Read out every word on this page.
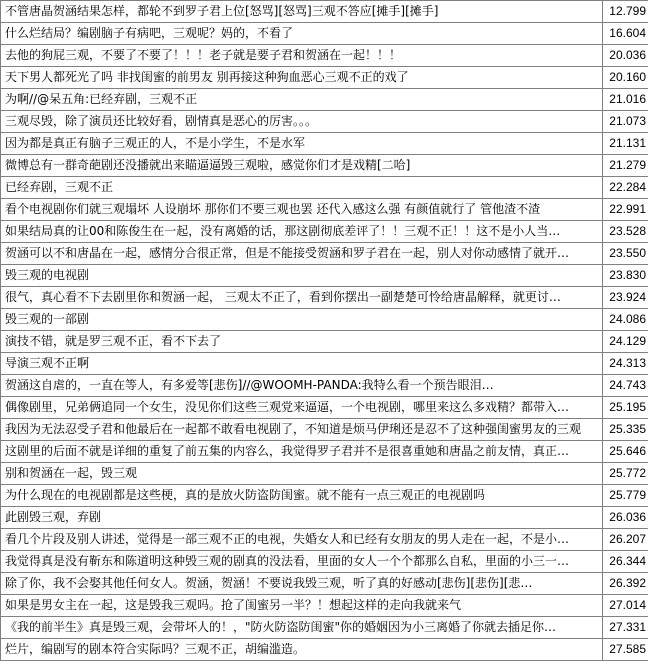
不管唐晶贺涵结果怎样，都轮不到罗子君上位[怒骂][怒骂]三观不答应[摊手][摊手]	12.799
什么烂结局？编剧脑子有病吧，三观呢？妈的，不看了	16.604
去他的狗屁三观，不要了不要了！！！老子就是要子君和贺涵在一起！！！	20.036
天下男人都死光了吗 非找闺蜜的前男友 别再接这种狗血恶心三观不正的戏了	20.160
为啊//@呆五角:已经弃剧，三观不正	21.016
三观尽毁，除了演员还比较好看，剧情真是恶心的厉害。。。	21.073
因为都是真正有脑子三观正的人，不是小学生，不是水军	21.131
微博总有一群奇葩剧还没播就出来瞄逼逼毁三观啦，感觉你们才是戏精[二哈]	21.279
已经弃剧，三观不正	22.284
看个电视剧你们就三观塌坏 人设崩坏 那你们不要三观也罢 还代入感这么强 有颜值就行了 管他渣不渣	22.991
如果结局真的让00和陈俊生在一起，没有离婚的话，那这剧彻底差评了！！三观不正！！这不是小人当…	23.528
贺涵可以不和唐晶在一起，感情分合很正常，但是不能接受贺涵和罗子君在一起，别人对你动感情了就开…	23.550
毁三观的电视剧	23.830
很气，真心看不下去剧里你和贺涵一起， 三观太不正了，看到你摆出一副楚楚可怜给唐晶解释，就更讨…	23.924
毁三观的一部剧	24.086
演技不错，就是罗三观不正，看不下去了	24.129
导演三观不正啊	24.313
贺涵这自虐的，一直在等人，有多爱等[悲伤]//@WOOMH-PANDA:我特么看一个预告眼泪…	24.743
偶像剧里，兄弟俩追同一个女生，没见你们这些三观党来逼逼，一个电视剧，哪里来这么多戏精？都带入…	25.195
我因为无法忍受子君和他最后在一起都不敢看电视剧了，不知道是烦马伊琍还是忍不了这种强闺蜜男友的三观	25.335
这剧里的后面不就是详细的重复了前五集的内容么，我觉得罗子君并不是很喜重她和唐晶之前友情，真正…	25.646
别和贺涵在一起，毁三观	25.772
为什么现在的电视剧都是这些梗，真的是放火防盗防闺蜜。就不能有一点三观正的电视剧吗	25.779
此剧毁三观，弃剧	26.036
看几个片段及别人讲述，觉得是一部三观不正的电视，失婚女人和已经有女朋友的男人走在一起，不是小…	26.207
我觉得真是没有靳东和陈道明这种毁三观的剧真的没法看，里面的女人一个个都那么自私，里面的小三一…	26.344
除了你，我不会娶其他任何女人。贺涵，贺涵！不要说我毁三观，听了真的好感动[悲伤][悲伤][悲…	26.392
如果是男女主在一起，这是毁我三观吗。抢了闺蜜另一半？！想起这样的走向我就来气	27.014
《我的前半生》真是毁三观，会带坏人的！，"防火防盗防闺蜜"你的婚姻因为小三离婚了你就去插足你…	27.331
烂片，编剧写的剧本符合实际吗？三观不正，胡编滥造。	27.585
